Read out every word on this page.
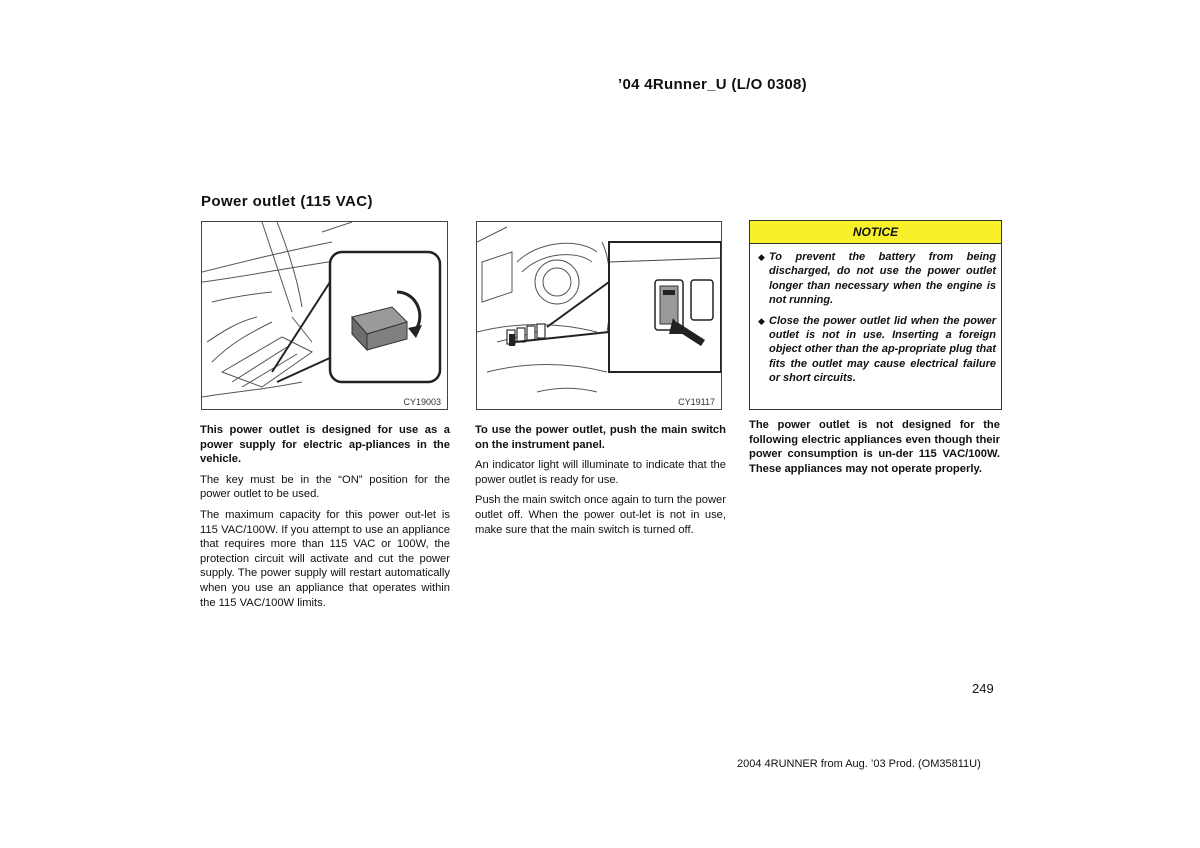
’04 4Runner_U (L/O 0308)
Power outlet (115 VAC)
CY19003	CY19117

This power outlet is designed for use as a power supply for electric ap-pliances in the vehicle.

The key must be in the “ON” position for the power outlet to be used.

The maximum capacity for this power out-let is 115 VAC/100W. If you attempt to use an appliance that requires more than 115 VAC or 100W, the protection circuit will activate and cut the power supply. The power supply will restart automatically when you use an appliance that operates within the 115 VAC/100W limits.

To use the power outlet, push the main switch on the instrument panel.

An indicator light will illuminate to indicate that the power outlet is ready for use.

Push the main switch once again to turn the power outlet off. When the power out-let is not in use, make sure that the main switch is turned off.

NOTICE
◆ To prevent the battery from being discharged, do not use the power outlet longer than necessary when the engine is not running.
◆ Close the power outlet lid when the power outlet is not in use. Inserting a foreign object other than the ap-propriate plug that fits the outlet may cause electrical failure or short circuits.

The power outlet is not designed for the following electric appliances even though their power consumption is un-der 115 VAC/100W. These appliances may not operate properly.

249
2004 4RUNNER from Aug. ’03 Prod. (OM35811U)
